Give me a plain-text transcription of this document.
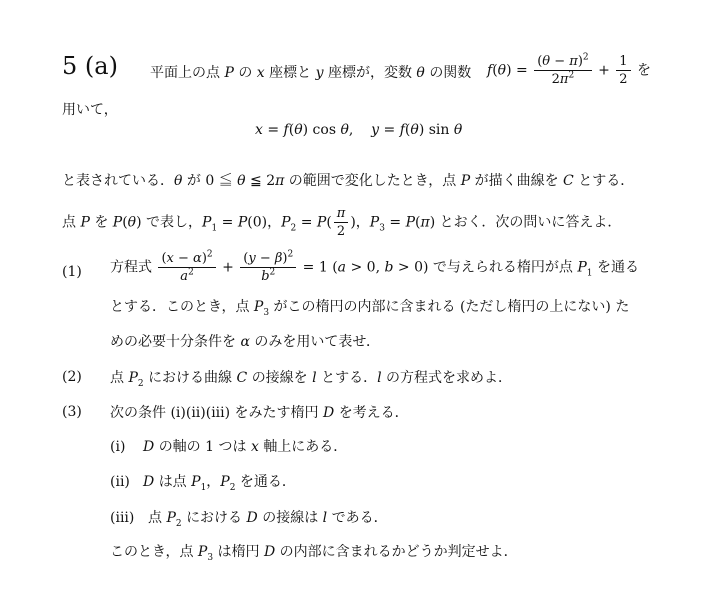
5 (a) 平面上の点 P の x 座標と y 座標が，変数 θ の関数 $f(\theta) = \frac{(\theta - \pi)^2}{2\pi^2} + \frac{1}{2}$ を
用いて，
x = f(θ) cos θ,    y = f(θ) sin θ
と表されている．θ が 0 ≦ θ ≦ 2π の範囲で変化したとき，点 P が描く曲線を C とする．
点 P を P(θ) で表し，$P_1 = P(0)$，$P_2 = P( \frac{\pi}{2}$ )，$P_3 = P(\pi)$ とおく．次の問いに答えよ．
(1) 方程式 $\frac{(x - \alpha)^2}{a^2} + \frac{(y - \beta)^2}{b^2} = 1$ (a > 0, b > 0) で与えられる楕円が点 $P_1$ を通る
とする．このとき，点 $P_3$ がこの楕円の内部に含まれる (ただし楕円の上にない) た
めの必要十分条件を α のみを用いて表せ．
(2) 点 $P_2$ における曲線 C の接線を l とする．l の方程式を求めよ．
(3) 次の条件 (i)(ii)(iii) をみたす楕円 D を考える．
(i) D の軸の 1 つは x 軸上にある．
(ii) D は点 $P_1$，$P_2$ を通る．
(iii) 点 $P_2$ における D の接線は l である．
このとき，点 $P_3$ は楕円 D の内部に含まれるかどうか判定せよ．
